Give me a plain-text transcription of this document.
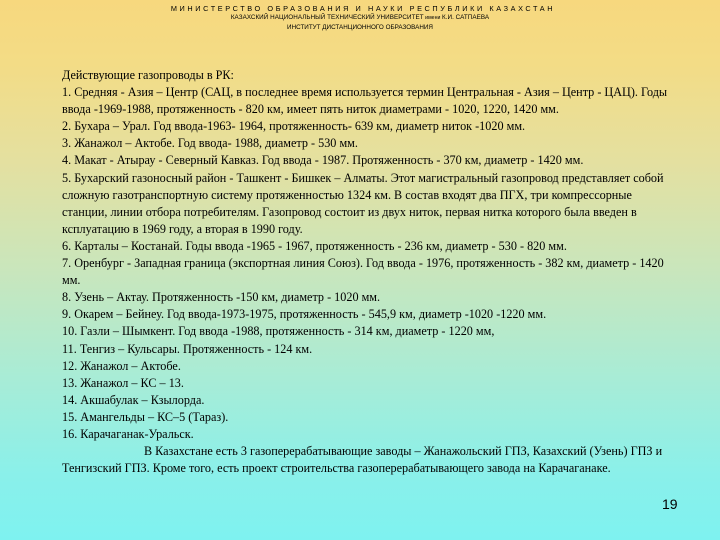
МИНИСТЕРСТВО ОБРАЗОВАНИЯ И НАУКИ РЕСПУБЛИКИ КАЗАХСТАН
КАЗАХСКИЙ НАЦИОНАЛЬНЫЙ ТЕХНИЧЕСКИЙ УНИВЕРСИТЕТ имени К.И. САТПАЕВА
ИНСТИТУТ ДИСТАНЦИОННОГО ОБРАЗОВАНИЯ

Действующие газопроводы в РК:

1. Средняя - Азия – Центр (САЦ, в последнее время используется термин Центральная - Азия – Центр - ЦАЦ). Годы ввода -1969-1988, протяженность - 820 км, имеет пять ниток диаметрами - 1020, 1220, 1420 мм.

2. Бухара – Урал. Год ввода-1963- 1964, протяженность- 639 км, диаметр ниток -1020 мм.

3. Жанажол – Актобе. Год ввода- 1988, диаметр - 530 мм.

4. Макат - Атырау - Северный Кавказ. Год ввода - 1987. Протяженность - 370 км, диаметр - 1420 мм.

5. Бухарский газоносный район - Ташкент - Бишкек – Алматы. Этот магистральный газопровод представляет собой сложную газотранспортную систему протяженностью 1324 км. В состав входят два ПГХ, три компрессорные станции, линии отбора потребителям. Газопровод состоит из двух ниток, первая нитка которого была введен в ксплуатацию в 1969 году, а вторая в 1990 году.

6. Карталы – Костанай. Годы ввода -1965 - 1967, протяженность - 236 км, диаметр - 530 - 820 мм.

7. Оренбург - Западная граница (экспортная линия Союз). Год ввода - 1976, протяженность - 382 км, диаметр - 1420 мм.

8. Узень – Актау. Протяженность -150 км, диаметр - 1020 мм.

9. Окарем – Бейнеу. Год ввода-1973-1975, протяженность - 545,9 км, диаметр -1020 -1220 мм.

10. Газли – Шымкент. Год ввода -1988, протяженность - 314 км, диаметр - 1220 мм,

11. Тенгиз – Кульсары. Протяженность - 124 км.

12. Жанажол – Актобе.

13. Жанажол – КС – 13.

14. Акшабулак – Кзылорда.

15. Амангельды – КС–5 (Тараз).

16. Карачаганак-Уральск.

В Казахстане есть 3 газоперерабатывающие заводы – Жанажольский ГПЗ, Казахский (Узень) ГПЗ и Тенгизский ГПЗ. Кроме того, есть проект строительства газоперерабатывающего завода на Карачаганаке.

19
